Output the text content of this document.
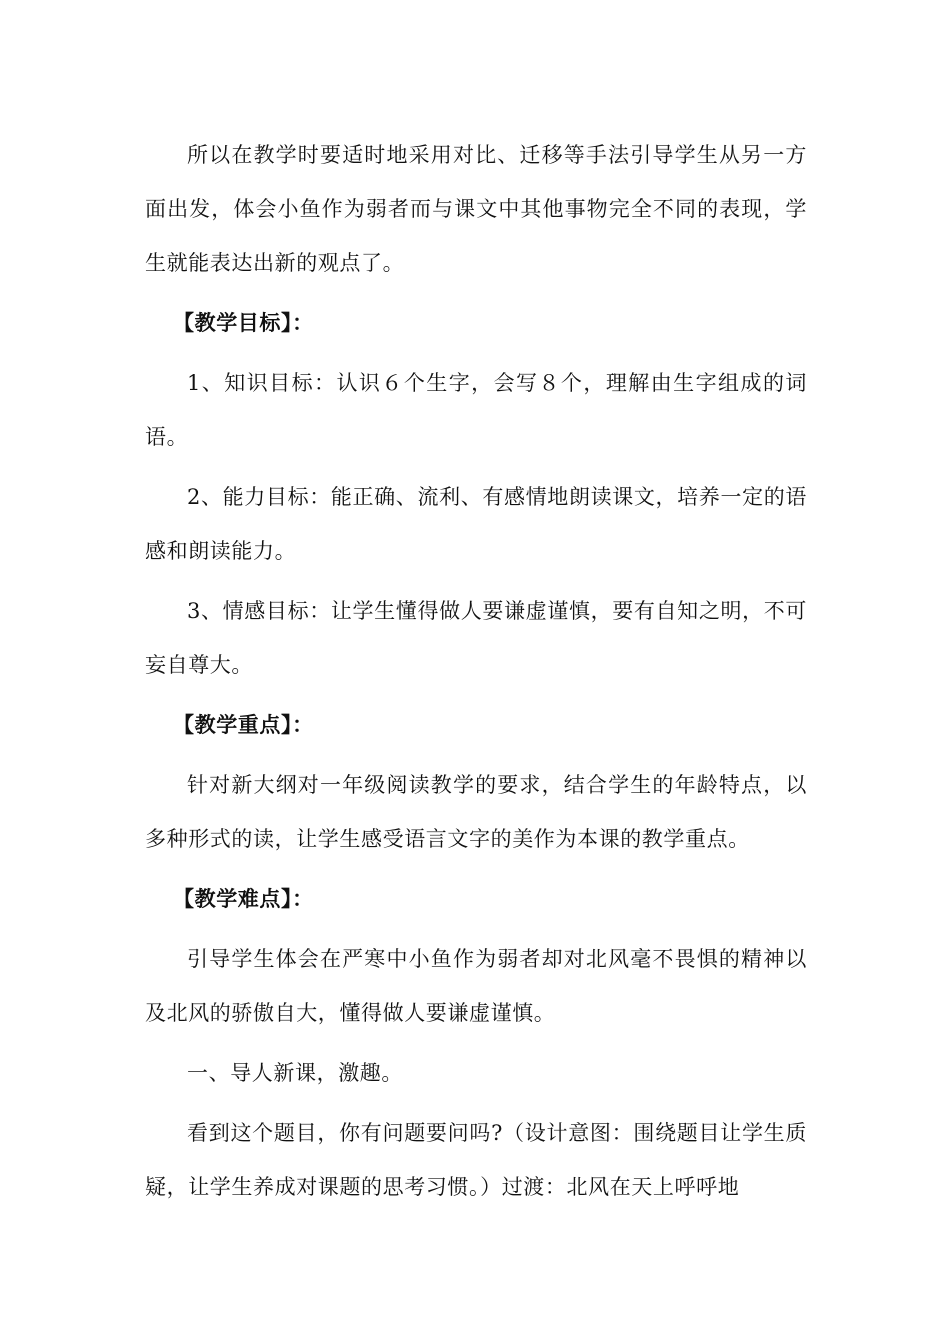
所以在教学时要适时地采用对比、迁移等手法引导学生从另一方面出发，体会小鱼作为弱者而与课文中其他事物完全不同的表现，学生就能表达出新的观点了。

【教学目标】：

1、知识目标：认识６个生字，会写８个，理解由生字组成的词语。

2、能力目标：能正确、流利、有感情地朗读课文，培养一定的语感和朗读能力。

3、情感目标：让学生懂得做人要谦虚谨慎，要有自知之明，不可妄自尊大。

【教学重点】：

针对新大纲对一年级阅读教学的要求，结合学生的年龄特点，以多种形式的读，让学生感受语言文字的美作为本课的教学重点。

【教学难点】：

引导学生体会在严寒中小鱼作为弱者却对北风毫不畏惧的精神以及北风的骄傲自大，懂得做人要谦虚谨慎。

一、导人新课，激趣。

看到这个题目，你有问题要问吗?（设计意图：围绕题目让学生质疑，让学生养成对课题的思考习惯。）过渡：北风在天上呼呼地
